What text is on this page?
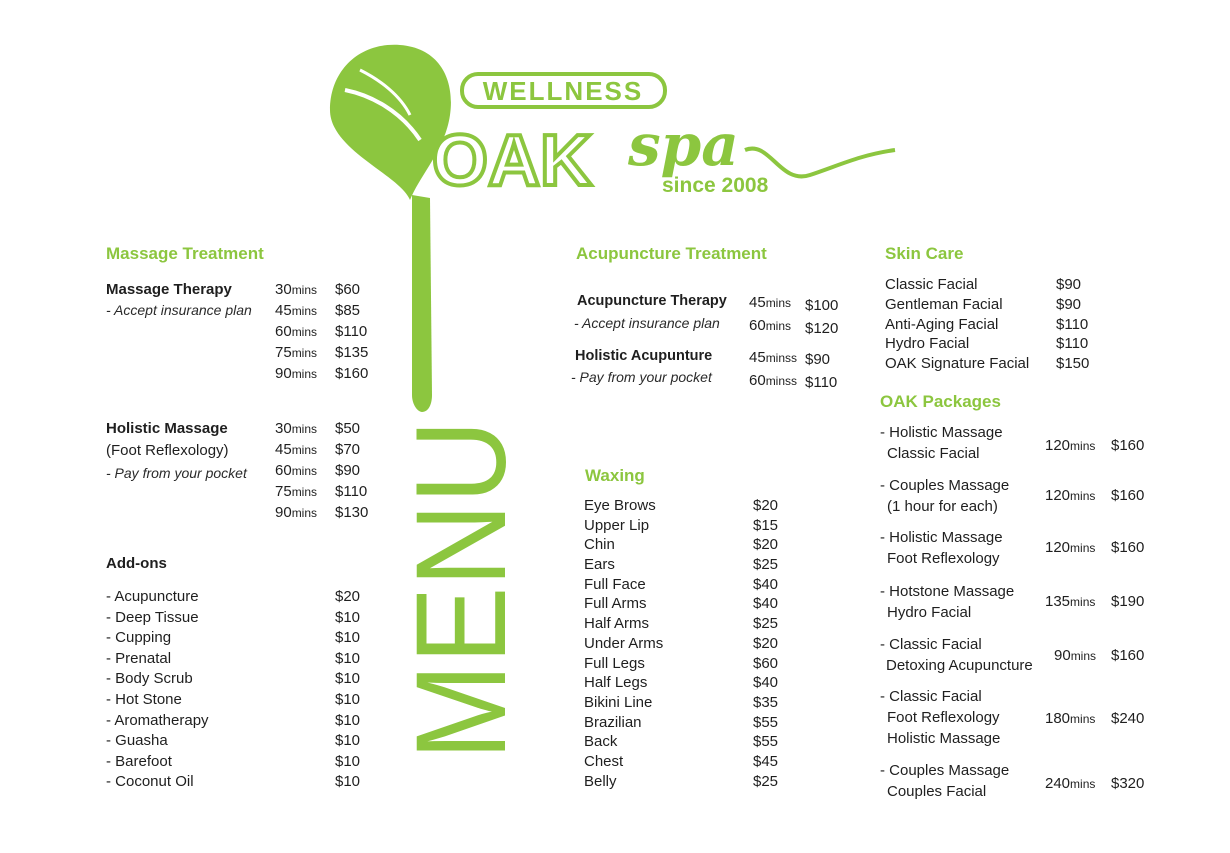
WELLNESS
OAK spa
since 2008
MENU
Massage Treatment
Massage Therapy
- Accept insurance plan
30mins $60
45mins $85
60mins $110
75mins $135
90mins $160
Holistic Massage
(Foot Reflexology)
- Pay from your pocket
30mins $50
45mins $70
60mins $90
75mins $110
90mins $130
Add-ons
- Acupuncture	$20
- Deep Tissue	$10
- Cupping	$10
- Prenatal	$10
- Body Scrub	$10
- Hot Stone	$10
- Aromatherapy	$10
- Guasha	$10
- Barefoot	$10
- Coconut Oil	$10
Acupuncture Treatment
Acupuncture Therapy
- Accept insurance plan
45mins $100
60mins $120
Holistic Acupunture
- Pay from your pocket
45minss $90
60minss $110
Waxing
Eye Brows	$20
Upper Lip	$15
Chin	$20
Ears	$25
Full Face	$40
Full Arms	$40
Half Arms	$25
Under Arms	$20
Full Legs	$60
Half Legs	$40
Bikini Line	$35
Brazilian	$55
Back	$55
Chest	$45
Belly	$25
Skin Care
Classic Facial	$90
Gentleman Facial	$90
Anti-Aging Facial	$110
Hydro Facial	$110
OAK Signature Facial $150
OAK Packages
- Holistic Massage
Classic Facial	120mins $160
- Couples Massage
(1 hour for each)
120mins $160
- Holistic Massage
Foot Reflexology
120mins $160
- Hotstone Massage
Hydro Facial
135mins $190
- Classic Facial
Detoxing Acupuncture
90mins $160
- Classic Facial
Foot Reflexology
Holistic Massage
180mins $240
- Couples Massage
Couples Facial	240mins $320
